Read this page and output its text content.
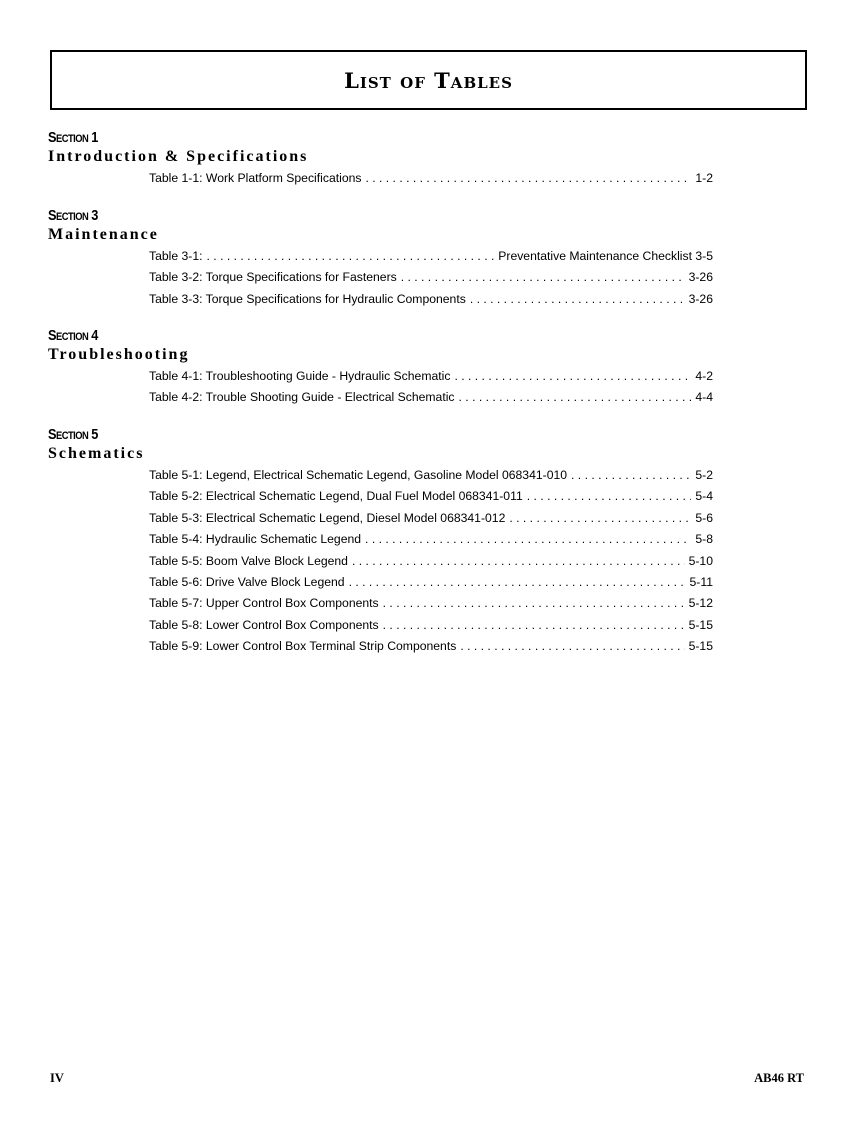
List of Tables
Section 1
Introduction & Specifications
Table 1-1: Work Platform Specifications . . .	1-2
Section 3
Maintenance
Table 3-1: . . .	Preventative Maintenance Checklist 3-5
Table 3-2: Torque Specifications for Fasteners . . .	3-26
Table 3-3: Torque Specifications for Hydraulic Components . . .	3-26
Section 4
Troubleshooting
Table 4-1: Troubleshooting Guide - Hydraulic Schematic . . .	4-2
Table 4-2: Trouble Shooting Guide - Electrical Schematic . . .	4-4
Section 5
Schematics
Table 5-1: Legend, Electrical Schematic Legend, Gasoline Model 068341-010 . . .	5-2
Table 5-2: Electrical Schematic Legend, Dual Fuel Model 068341-011 . . .	5-4
Table 5-3: Electrical Schematic Legend, Diesel Model 068341-012 . . .	5-6
Table 5-4: Hydraulic Schematic Legend . . .	5-8
Table 5-5: Boom Valve Block Legend . . .	5-10
Table 5-6: Drive Valve Block Legend . . .	5-11
Table 5-7: Upper Control Box Components . . .	5-12
Table 5-8: Lower Control Box Components . . .	5-15
Table 5-9: Lower Control Box Terminal Strip Components . . .	5-15
IV	AB46 RT
